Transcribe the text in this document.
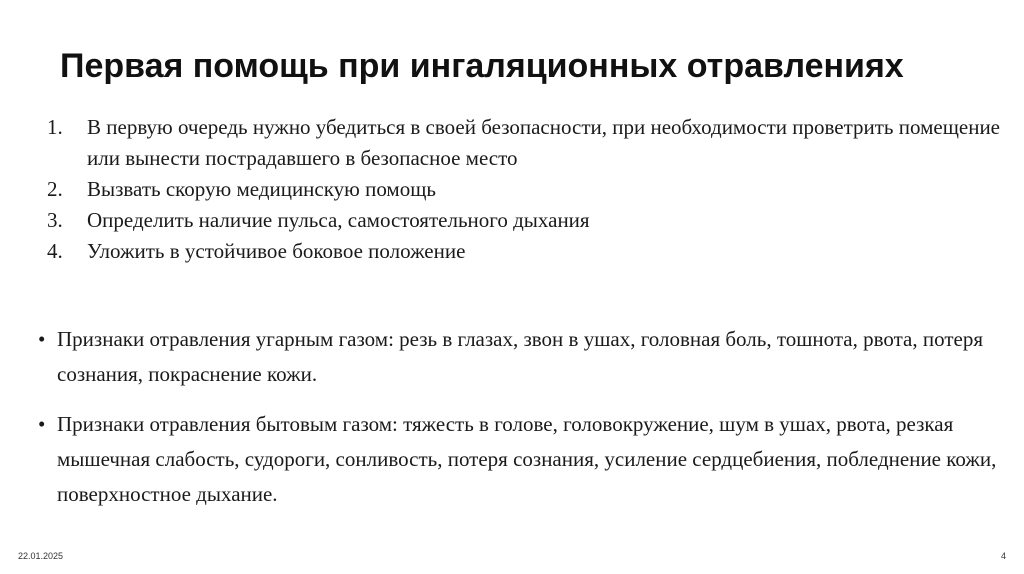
Первая помощь при ингаляционных отравлениях
1. В первую очередь нужно убедиться в своей безопасности, при необходимости проветрить помещение или вынести пострадавшего в безопасное место
2. Вызвать скорую медицинскую помощь
3. Определить наличие пульса, самостоятельного дыхания
4. Уложить в устойчивое боковое положение
• Признаки отравления угарным газом: резь в глазах, звон в ушах, головная боль, тошнота, рвота, потеря сознания, покраснение кожи.
• Признаки отравления бытовым газом: тяжесть в голове, головокружение, шум в ушах, рвота, резкая мышечная слабость, судороги, сонливость, потеря сознания, усиление сердцебиения, побледнение кожи, поверхностное дыхание.
22.01.2025	4
